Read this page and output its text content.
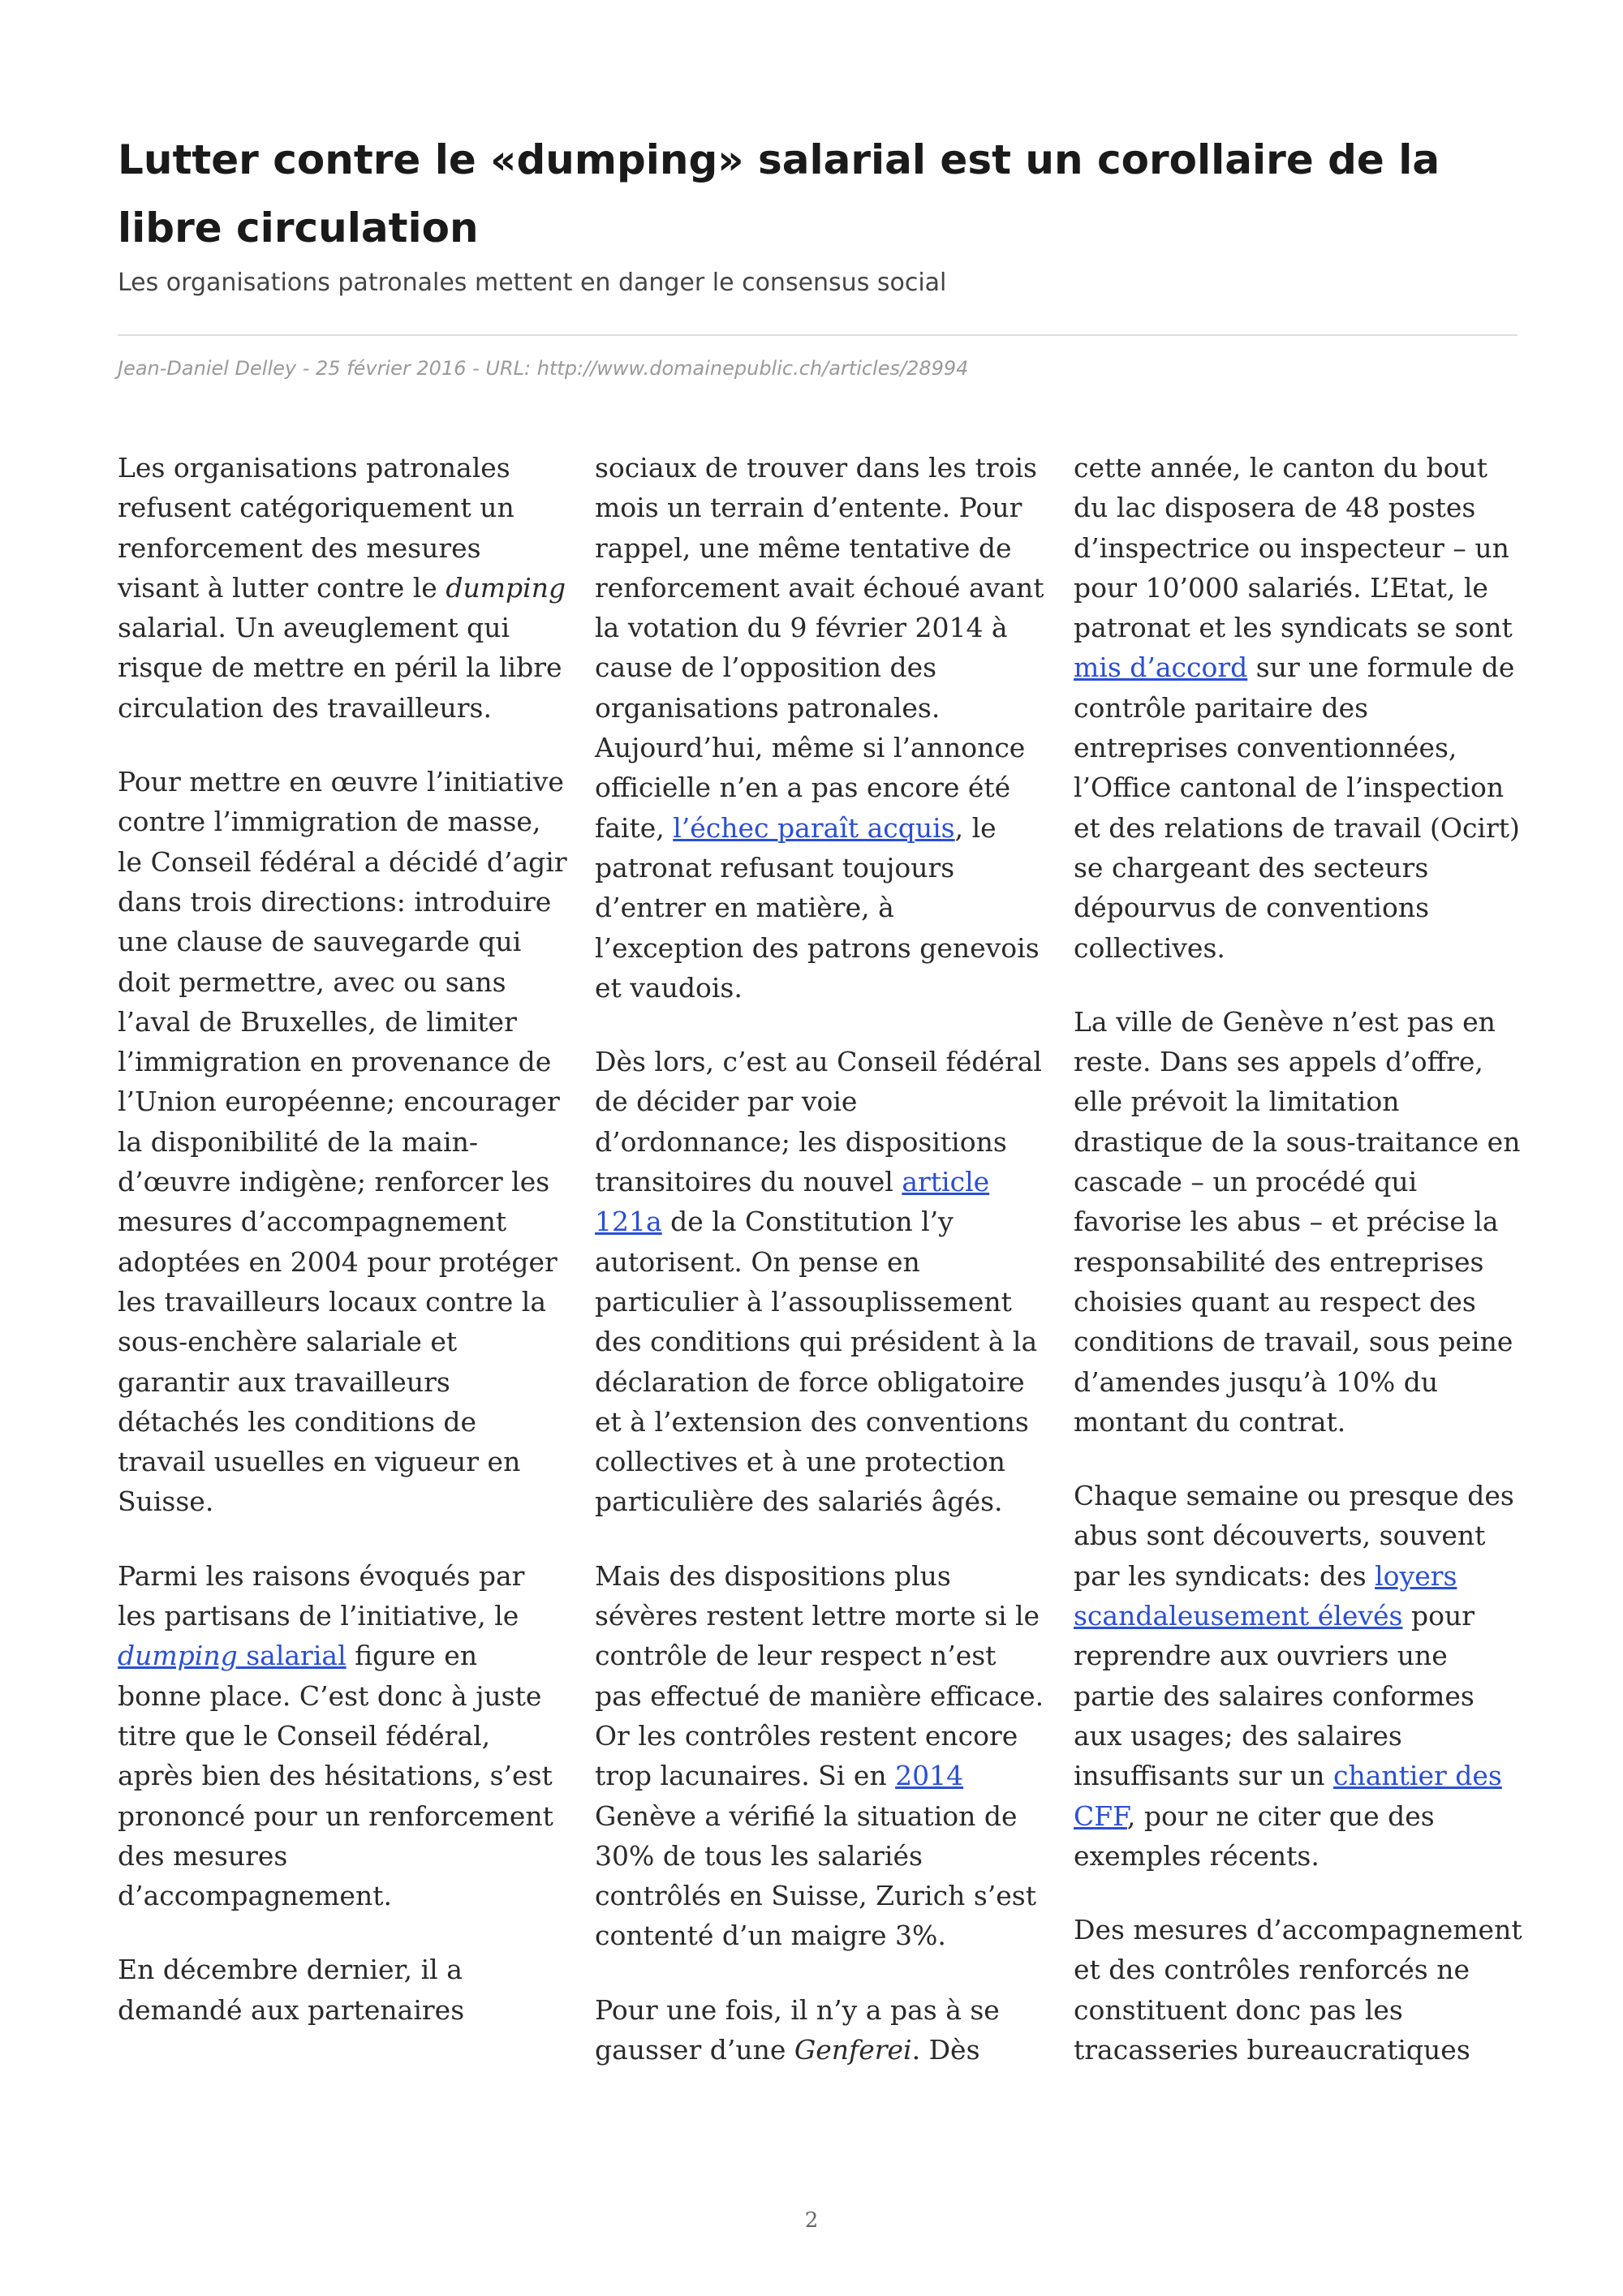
Lutter contre le «dumping» salarial est un corollaire de la libre circulation
Les organisations patronales mettent en danger le consensus social
Jean-Daniel Delley - 25 février 2016 - URL: http://www.domainepublic.ch/articles/28994

Les organisations patronales refusent catégoriquement un renforcement des mesures visant à lutter contre le dumping salarial. Un aveuglement qui risque de mettre en péril la libre circulation des travailleurs.

Pour mettre en œuvre l’initiative contre l’immigration de masse, le Conseil fédéral a décidé d’agir dans trois directions: introduire une clause de sauvegarde qui doit permettre, avec ou sans l’aval de Bruxelles, de limiter l’immigration en provenance de l’Union européenne; encourager la disponibilité de la main-d’œuvre indigène; renforcer les mesures d’accompagnement adoptées en 2004 pour protéger les travailleurs locaux contre la sous-enchère salariale et garantir aux travailleurs détachés les conditions de travail usuelles en vigueur en Suisse.

Parmi les raisons évoqués par les partisans de l’initiative, le dumping salarial figure en bonne place. C’est donc à juste titre que le Conseil fédéral, après bien des hésitations, s’est prononcé pour un renforcement des mesures d’accompagnement.

En décembre dernier, il a demandé aux partenaires

sociaux de trouver dans les trois mois un terrain d’entente. Pour rappel, une même tentative de renforcement avait échoué avant la votation du 9 février 2014 à cause de l’opposition des organisations patronales. Aujourd’hui, même si l’annonce officielle n’en a pas encore été faite, l’échec paraît acquis, le patronat refusant toujours d’entrer en matière, à l’exception des patrons genevois et vaudois.

Dès lors, c’est au Conseil fédéral de décider par voie d’ordonnance; les dispositions transitoires du nouvel article 121a de la Constitution l’y autorisent. On pense en particulier à l’assouplissement des conditions qui président à la déclaration de force obligatoire et à l’extension des conventions collectives et à une protection particulière des salariés âgés.

Mais des dispositions plus sévères restent lettre morte si le contrôle de leur respect n’est pas effectué de manière efficace. Or les contrôles restent encore trop lacunaires. Si en 2014 Genève a vérifié la situation de 30% de tous les salariés contrôlés en Suisse, Zurich s’est contenté d’un maigre 3%.

Pour une fois, il n’y a pas à se gausser d’une Genferei. Dès

cette année, le canton du bout du lac disposera de 48 postes d’inspectrice ou inspecteur – un pour 10’000 salariés. L’Etat, le patronat et les syndicats se sont mis d’accord sur une formule de contrôle paritaire des entreprises conventionnées, l’Office cantonal de l’inspection et des relations de travail (Ocirt) se chargeant des secteurs dépourvus de conventions collectives.

La ville de Genève n’est pas en reste. Dans ses appels d’offre, elle prévoit la limitation drastique de la sous-traitance en cascade – un procédé qui favorise les abus – et précise la responsabilité des entreprises choisies quant au respect des conditions de travail, sous peine d’amendes jusqu’à 10% du montant du contrat.

Chaque semaine ou presque des abus sont découverts, souvent par les syndicats: des loyers scandaleusement élevés pour reprendre aux ouvriers une partie des salaires conformes aux usages; des salaires insuffisants sur un chantier des CFF, pour ne citer que des exemples récents.

Des mesures d’accompagnement et des contrôles renforcés ne constituent donc pas les tracasseries bureaucratiques

2
